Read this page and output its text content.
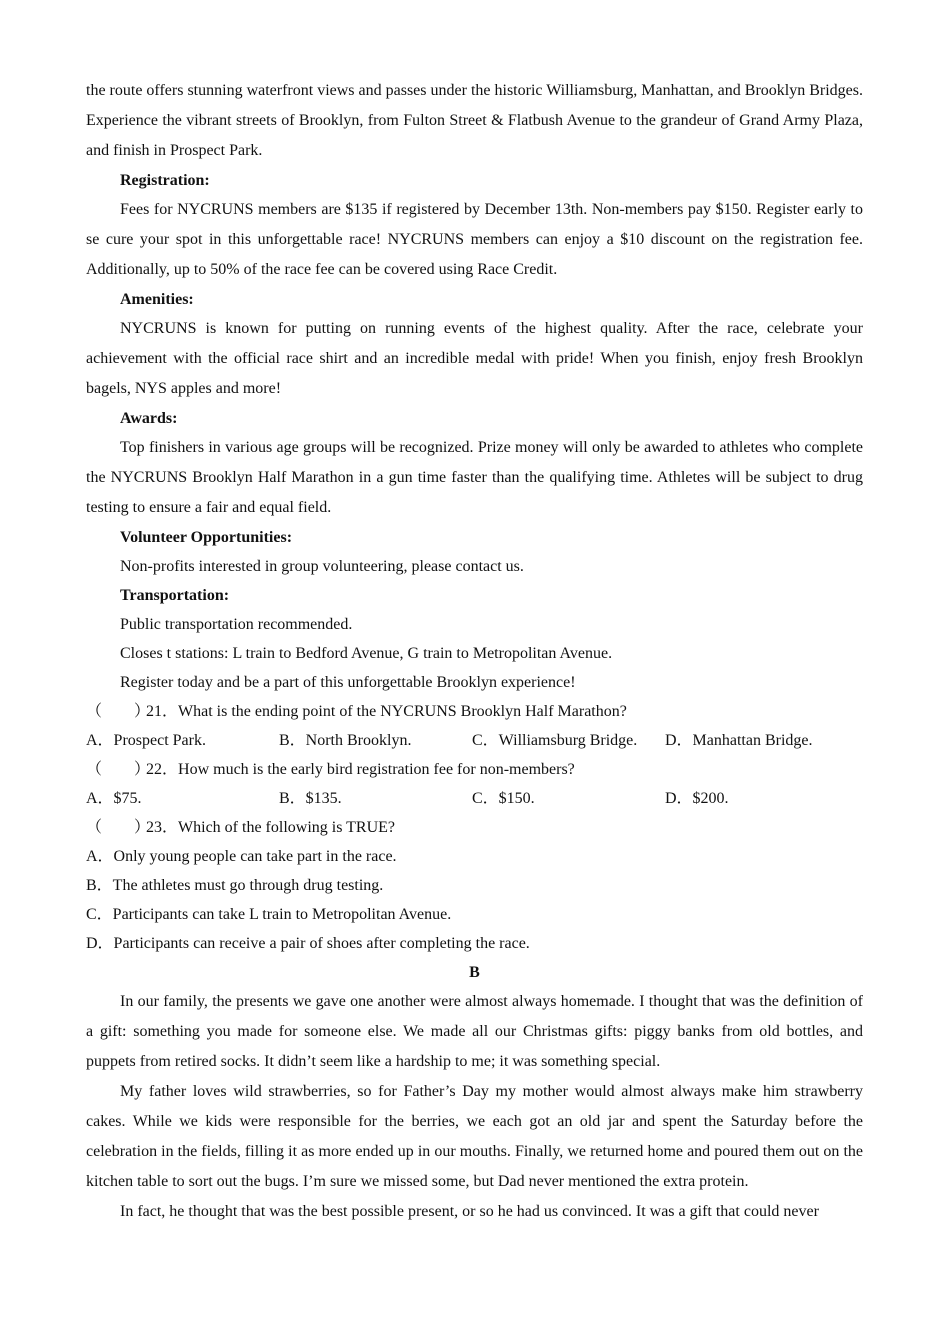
the route offers stunning waterfront views and passes under the historic Williamsburg, Manhattan, and Brooklyn Bridges. Experience the vibrant streets of Brooklyn, from Fulton Street & Flatbush Avenue to the grandeur of Grand Army Plaza, and finish in Prospect Park.

Registration:

Fees for NYCRUNS members are $135 if registered by December 13th. Non-members pay $150. Register early to se cure your spot in this unforgettable race! NYCRUNS members can enjoy a $10 discount on the registration fee. Additionally, up to 50% of the race fee can be covered using Race Credit.

Amenities:

NYCRUNS is known for putting on running events of the highest quality. After the race, celebrate your achievement with the official race shirt and an incredible medal with pride! When you finish, enjoy fresh Brooklyn bagels, NYS apples and more!

Awards:

Top finishers in various age groups will be recognized. Prize money will only be awarded to athletes who complete the NYCRUNS Brooklyn Half Marathon in a gun time faster than the qualifying time. Athletes will be subject to drug testing to ensure a fair and equal field.

Volunteer Opportunities:

Non-profits interested in group volunteering, please contact us.

Transportation:

Public transportation recommended.

Closes t stations: L train to Bedford Avenue, G train to Metropolitan Avenue.

Register today and be a part of this unforgettable Brooklyn experience!

（ ）21．What is the ending point of the NYCRUNS Brooklyn Half Marathon?

A．Prospect Park.	B．North Brooklyn.	C．Williamsburg Bridge.	D．Manhattan Bridge.

（ ）22．How much is the early bird registration fee for non-members?

A．$75.	B．$135.	C．$150.	D．$200.

（ ）23．Which of the following is TRUE?

A．Only young people can take part in the race.

B．The athletes must go through drug testing.

C．Participants can take L train to Metropolitan Avenue.

D．Participants can receive a pair of shoes after completing the race.

B

In our family, the presents we gave one another were almost always homemade. I thought that was the definition of a gift: something you made for someone else. We made all our Christmas gifts: piggy banks from old bottles, and puppets from retired socks. It didn’t seem like a hardship to me; it was something special.

My father loves wild strawberries, so for Father’s Day my mother would almost always make him strawberry cakes. While we kids were responsible for the berries, we each got an old jar and spent the Saturday before the celebration in the fields, filling it as more ended up in our mouths. Finally, we returned home and poured them out on the kitchen table to sort out the bugs. I’m sure we missed some, but Dad never mentioned the extra protein.

In fact, he thought that was the best possible present, or so he had us convinced. It was a gift that could never
